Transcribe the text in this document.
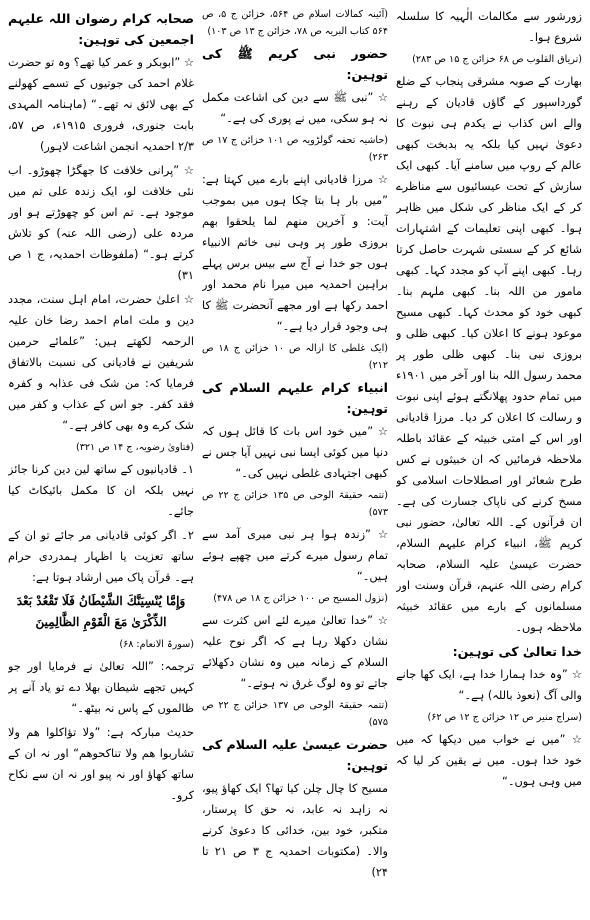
زورشور سے مکالمات الٰہیہ کا سلسلہ شروع ہوا۔

(تریاق القلوب ص ۶۸ خزائن ج ۱۵ ص ۲۸۳)

بھارت کے صوبہ مشرقی پنجاب کے ضلع گورداسپور کے گاؤں قادیان کے رہنے والے اس کذاب نے یکدم ہی نبوت کا دعویٰ نہیں کیا بلکہ یہ بدبخت کبھی عالم کے روپ میں سامنے آیا۔ کبھی ایک سازش کے تحت عیسائیوں سے مناظرے کر کے ایک مناظر کی شکل میں ظاہر ہوا۔ کبھی اپنی تعلیمات کے اشتہارات شائع کر کے سستی شہرت حاصل کرتا رہا۔ کبھی اپنے آپ کو مجدد کہا۔ کبھی مامور من اللہ بنا۔ کبھی ملہم بنا۔ کبھی خود کو محدث کہا۔ کبھی مسیح موعود ہونے کا اعلان کیا۔ کبھی ظلی و بروزی نبی بنا۔ کبھی ظلی طور پر محمد رسول اللہ بنا اور آخر میں ۱۹۰۱ء میں تمام حدود پھلانگتے ہوئے اپنی نبوت و رسالت کا اعلان کر دیا۔ مرزا قادیانی اور اس کے امتی خبیثہ کے عقائد باطلہ ملاحظہ فرمائیں کہ ان خبیثوں نے کس طرح شعائر اور اصطلاحات اسلامی کو مسخ کرنے کی ناپاک جسارت کی ہے۔ ان قرآنوں کے۔ اللہ تعالیٰ، حضور نبی کریم ﷺ، انبیاء کرام علیہم السلام، حضرت عیسیٰ علیہ السلام، صحابہ کرام رضی اللہ عنہم، قرآن وسنت اور مسلمانوں کے بارے میں عقائد خبیثہ ملاحظہ ہوں۔

خدا تعالیٰ کی توہین:

☆ ”وہ خدا ہمارا خدا ہے، ایک کھا جانے والی آگ (نعوذ باللہ) ہے۔“

(سراج منیر ص ۱۲ خزائن ج ۱۲ ص ۶۲)

☆ ”میں نے خواب میں دیکھا کہ میں خود خدا ہوں۔ میں نے یقین کر لیا کہ میں وہی ہوں۔“

(آئینہ کمالات اسلام ص ۵۶۴، خزائن ج ۵، ص ۵۶۴ کتاب البریہ ص ۷۸، خزائن ج ۱۳ ص ۱۰۳)

حضور نبی کریم ﷺ کی توہین:

☆ ”نبی ﷺ سے دین کی اشاعت مکمل نہ ہو سکی، میں نے پوری کی ہے۔“

(حاشیہ تحفہ گولڑویہ ص ۱۰۱ خزائن ج ۱۷ ص ۲۶۳)

☆ مرزا قادیانی اپنے بارے میں کہتا ہے: ”میں بار ہا بتا چکا ہوں میں بموجب آیت: و آخرین منھم لما یلحقوا بھم بروزی طور پر وہی نبی خاتم الانبیاء ہوں جو خدا نے آج سے بیس برس پہلے براہین احمدیہ میں میرا نام محمد اور احمد رکھا ہے اور مجھے آنحضرت ﷺ کا ہی وجود قرار دیا ہے۔“

(ایک غلطی کا ازالہ ص ۱۰ خزائن ج ۱۸ ص ۲۱۲)

انبیاء کرام علیہم السلام کی توہین:

☆ ”میں خود اس بات کا قائل ہوں کہ دنیا میں کوئی ایسا نبی نہیں آیا جس نے کبھی اجتہادی غلطی نہیں کی۔“

(تتمہ حقیقۃ الوحی ص ۱۳۵ خزائن ج ۲۲ ص ۵۷۳)

☆ ”زندہ ہوا ہر نبی میری آمد سے تمام رسول میرے کرتے میں چھپے ہوئے ہیں۔“

(نزول المسیح ص ۱۰۰ خزائن ج ۱۸ ص ۴۷۸)

☆ ”خدا تعالیٰ میرے لئے اس کثرت سے نشان دکھلا رہا ہے کہ اگر نوح علیہ السلام کے زمانہ میں وہ نشان دکھلائے جاتے تو وہ لوگ غرق نہ ہوتے۔“

(تتمہ حقیقۃ الوحی ص ۱۳۷ خزائن ج ۲۲ ص ۵۷۵)

حضرت عیسیٰ علیہ السلام کی توہین:

مسیح کا چال چلن کیا تھا؟ ایک کھاؤ پیو، نہ زاہد نہ عابد، نہ حق کا پرستار، متکبر، خود بین، خدائی کا دعویٰ کرنے والا۔ (مکتوبات احمدیہ ج ۳ ص ۲۱ تا ۲۴)

صحابہ کرام رضوان اللہ علیہم اجمعین کی توہین:

☆ ”ابوبکر و عمر کیا تھے؟ وہ تو حضرت غلام احمد کی جوتیوں کے تسمے کھولنے کے بھی لائق نہ تھے۔“ (ماہنامہ المہدی بابت جنوری، فروری ۱۹۱۵ء، ص ۵۷، ۲/۳ احمدیہ انجمن اشاعت لاہور)

☆ ”پرانی خلافت کا جھگڑا چھوڑو۔ اب نئی خلافت لو، ایک زندہ علی تم میں موجود ہے۔ تم اس کو چھوڑتے ہو اور مردہ علی (رضی اللہ عنہ) کو تلاش کرتے ہو۔“ (ملفوظات احمدیہ، ج ۱ ص ۳۱)

☆ اعلیٰ حضرت، امام اہل سنت، مجدد دین و ملت امام احمد رضا خان علیہ الرحمہ لکھتے ہیں: ”علمائے حرمین شریفین نے قادیانی کی نسبت بالاتفاق فرمایا کہ: من شک فی عذابہ و کفرہ فقد کفر۔ جو اس کے عذاب و کفر میں شک کرے وہ بھی کافر ہے۔“

(فتاویٰ رضویہ، ج ۱۴ ص ۳۲۱)

۱۔ قادیانیوں کے ساتھ لین دین کرنا جائز نہیں بلکہ ان کا مکمل بائیکاٹ کیا جائے۔

۲۔ اگر کوئی قادیانی مر جائے تو ان کے ساتھ تعزیت یا اظہار ہمدردی حرام ہے۔ قرآن پاک میں ارشاد ہوتا ہے:

وَإِمَّا يُنْسِيَنَّكَ الشَّيْطَانُ فَلَا تَقْعُدْ بَعْدَ الذِّكْرَىٰ مَعَ الْقَوْمِ الظَّالِمِينَ

(سورۃ الانعام: ۶۸)

ترجمہ: ”اللہ تعالیٰ نے فرمایا اور جو کہیں تجھے شیطان بھلا دے تو یاد آنے پر ظالموں کے پاس نہ بیٹھ۔“

حدیث مبارکہ ہے: ”ولا تؤاکلوا ھم ولا تشاربوا ھم ولا تناکحوھم“ اور نہ ان کے ساتھ کھاؤ اور نہ پیو اور نہ ان سے نکاح کرو۔
